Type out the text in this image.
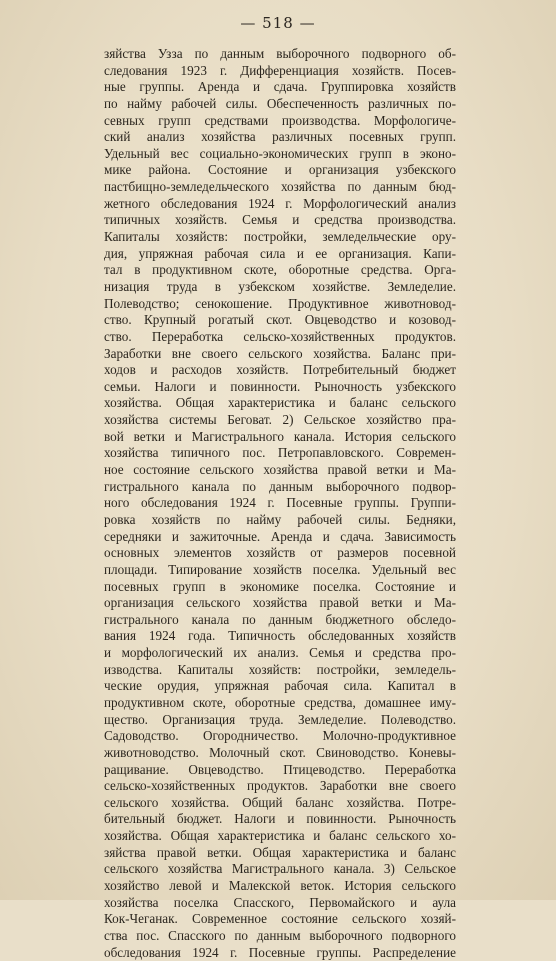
— 518 —
зяйства Узза по данным выборочного подворного об-
следования 1923 г. Дифференциация хозяйств. Посев-
ные группы. Аренда и сдача. Группировка хозяйств
по найму рабочей силы. Обеспеченность различных по-
севных групп средствами производства. Морфологиче-
ский анализ хозяйства различных посевных групп.
Удельный вес социально-экономических групп в эконо-
мике района. Состояние и организация узбекского
пастбищно-земледельческого хозяйства по данным бюд-
жетного обследования 1924 г. Морфологический анализ
типичных хозяйств. Семья и средства производства.
Капиталы хозяйств: постройки, земледельческие ору-
дия, упряжная рабочая сила и ее организация. Капи-
тал в продуктивном скоте, оборотные средства. Орга-
низация труда в узбекском хозяйстве. Земледелие.
Полеводство; сенокошение. Продуктивное животновод-
ство. Крупный рогатый скот. Овцеводство и козовод-
ство. Переработка сельско-хозяйственных продуктов.
Заработки вне своего сельского хозяйства. Баланс при-
ходов и расходов хозяйств. Потребительный бюджет
семьи. Налоги и повинности. Рыночность узбекского
хозяйства. Общая характеристика и баланс сельского
хозяйства системы Беговат. 2) Сельское хозяйство пра-
вой ветки и Магистрального канала. История сельского
хозяйства типичного пос. Петропавловского. Современ-
ное состояние сельского хозяйства правой ветки и Ма-
гистрального канала по данным выборочного подвор-
ного обследования 1924 г. Посевные группы. Группи-
ровка хозяйств по найму рабочей силы. Бедняки,
середняки и зажиточные. Аренда и сдача. Зависимость
основных элементов хозяйств от размеров посевной
площади. Типирование хозяйств поселка. Удельный вес
посевных групп в экономике поселка. Состояние и
организация сельского хозяйства правой ветки и Ма-
гистрального канала по данным бюджетного обследо-
вания 1924 года. Типичность обследованных хозяйств
и морфологический их анализ. Семья и средства про-
изводства. Капиталы хозяйств: постройки, земледель-
ческие орудия, упряжная рабочая сила. Капитал в
продуктивном скоте, оборотные средства, домашнее иму-
щество. Организация труда. Земледелие. Полеводство.
Садоводство. Огородничество. Молочно-продуктивное
животноводство. Молочный скот. Свиноводство. Коневы-
ращивание. Овцеводство. Птицеводство. Переработка
сельско-хозяйственных продуктов. Заработки вне своего
сельского хозяйства. Общий баланс хозяйства. Потре-
бительный бюджет. Налоги и повинности. Рыночность
хозяйства. Общая характеристика и баланс сельского хо-
зяйства правой ветки. Общая характеристика и баланс
сельского хозяйства Магистрального канала. 3) Сельское
хозяйство левой и Малекской веток. История сельского
хозяйства поселка Спасского, Первомайского и аула
Кок-Чеганак. Современное состояние сельского хозяй-
ства пос. Спасского по данным выборочного подворного
обследования 1924 г. Посевные группы. Распределение
